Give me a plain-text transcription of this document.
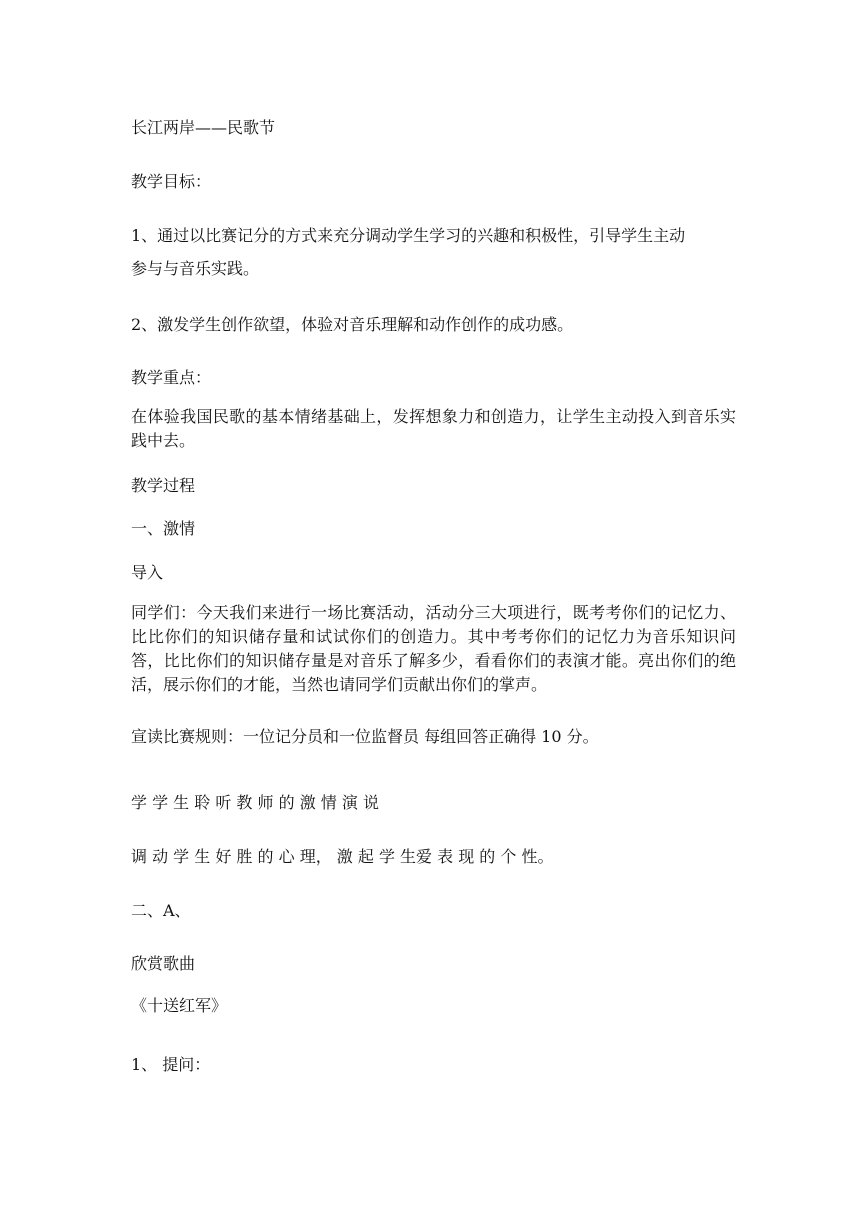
长江两岸——民歌节
教学目标：
1、通过以比赛记分的方式来充分调动学生学习的兴趣和积极性，引导学生主动
参与与音乐实践。
2、激发学生创作欲望，体验对音乐理解和动作创作的成功感。
教学重点：
在体验我国民歌的基本情绪基础上，发挥想象力和创造力，让学生主动投入到音乐实践中去。
教学过程
一、激情
导入
同学们：今天我们来进行一场比赛活动，活动分三大项进行，既考考你们的记忆力、比比你们的知识储存量和试试你们的创造力。其中考考你们的记忆力为音乐知识问答，比比你们的知识储存量是对音乐了解多少，看看你们的表演才能。亮出你们的绝活，展示你们的才能，当然也请同学们贡献出你们的掌声。
宣读比赛规则：一位记分员和一位监督员 每组回答正确得 10 分。
学 学 生 聆 听 教 师 的 激 情 演 说
调 动 学 生 好 胜 的 心 理， 激 起 学 生爱 表 现 的 个 性。
二、A、
欣赏歌曲
《十送红军》
1、 提问：
